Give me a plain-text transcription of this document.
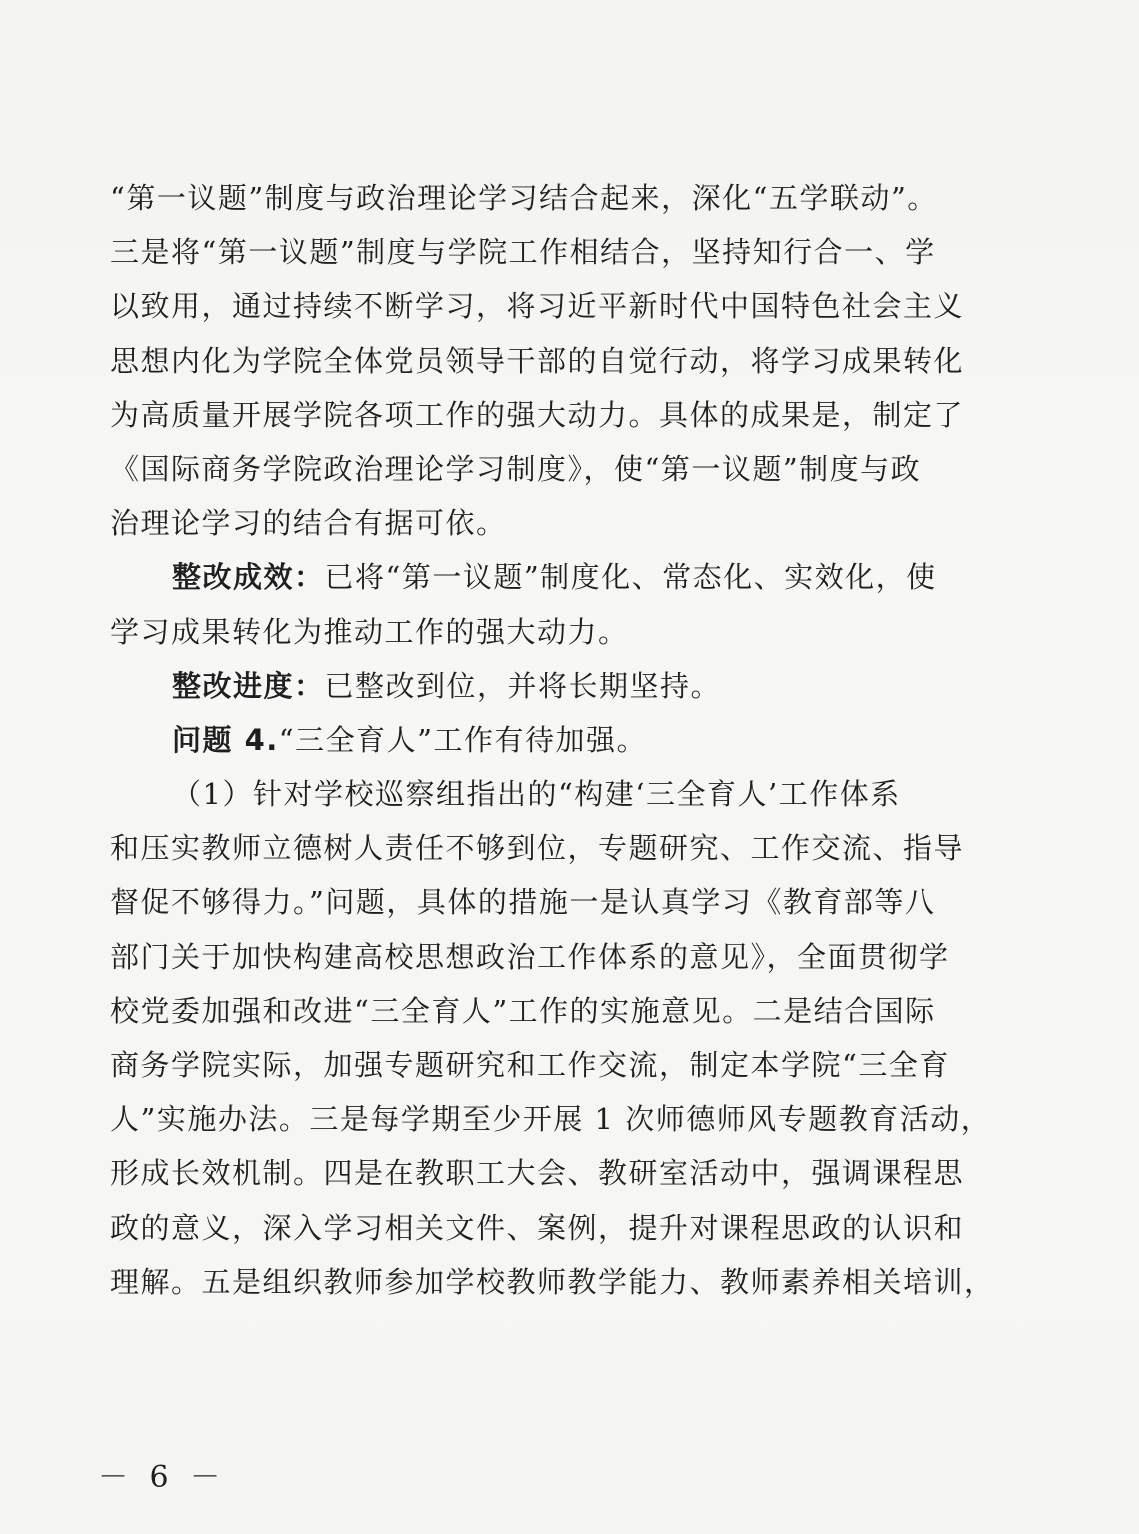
“第一议题”制度与政治理论学习结合起来，深化“五学联动”。
三是将“第一议题”制度与学院工作相结合，坚持知行合一、学
以致用，通过持续不断学习，将习近平新时代中国特色社会主义
思想内化为学院全体党员领导干部的自觉行动，将学习成果转化
为高质量开展学院各项工作的强大动力。具体的成果是，制定了
《国际商务学院政治理论学习制度》，使“第一议题”制度与政
治理论学习的结合有据可依。
整改成效：已将“第一议题”制度化、常态化、实效化，使
学习成果转化为推动工作的强大动力。
整改进度：已整改到位，并将长期坚持。
问题 4.“三全育人”工作有待加强。
（1）针对学校巡察组指出的“构建‘三全育人’工作体系
和压实教师立德树人责任不够到位，专题研究、工作交流、指导
督促不够得力。”问题，具体的措施一是认真学习《教育部等八
部门关于加快构建高校思想政治工作体系的意见》，全面贯彻学
校党委加强和改进“三全育人”工作的实施意见。二是结合国际
商务学院实际，加强专题研究和工作交流，制定本学院“三全育
人”实施办法。三是每学期至少开展 1 次师德师风专题教育活动，
形成长效机制。四是在教职工大会、教研室活动中，强调课程思
政的意义，深入学习相关文件、案例，提升对课程思政的认识和
理解。五是组织教师参加学校教师教学能力、教师素养相关培训，
－ 6 －
